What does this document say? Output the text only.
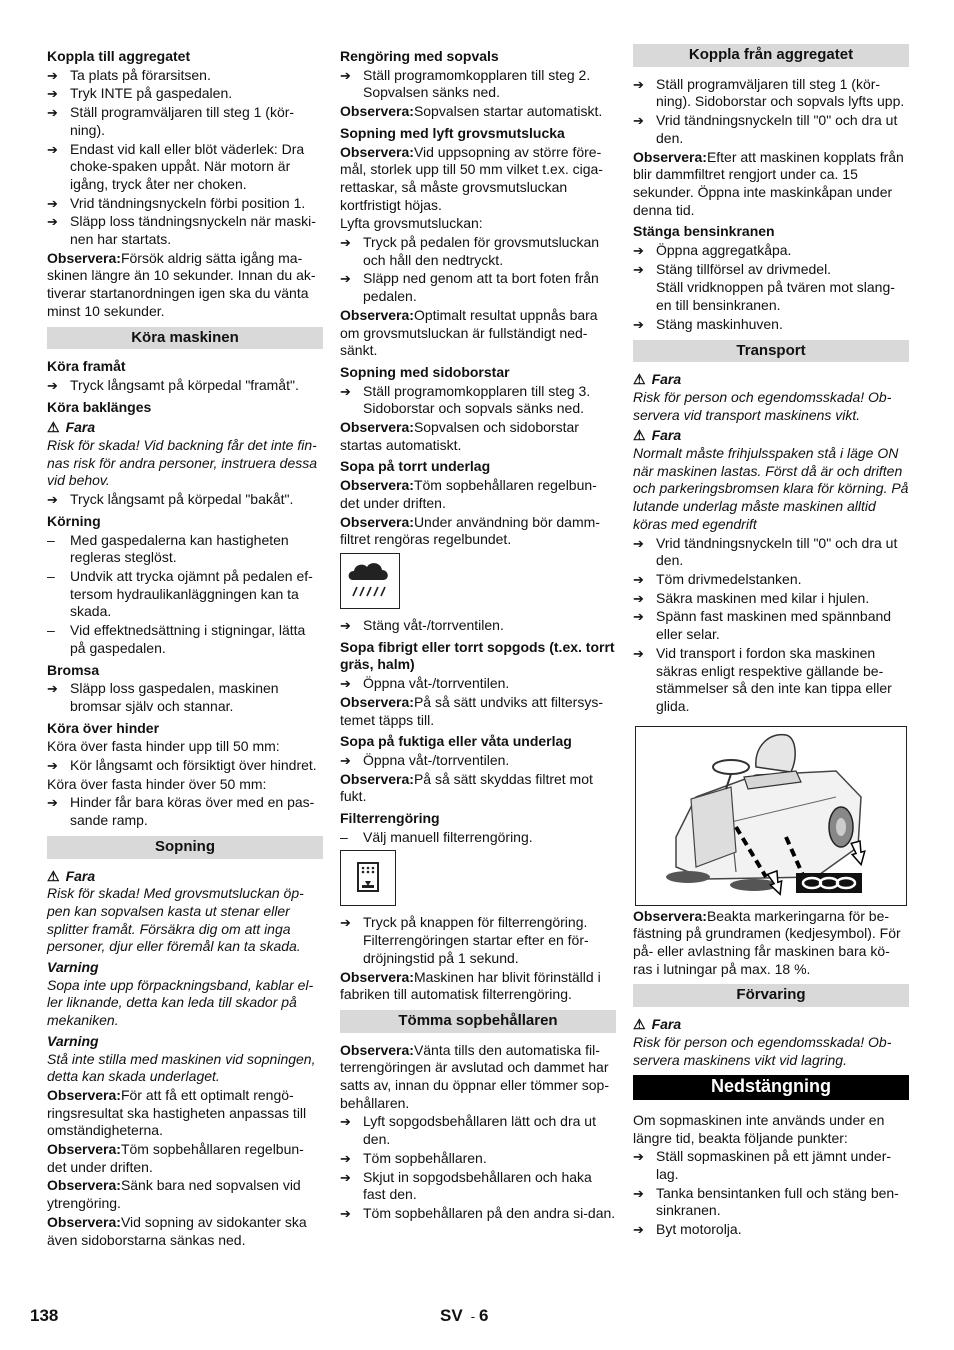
Koppla till aggregatet
➔ Ta plats på förarsitsen.
➔ Tryk INTE på gaspedalen.
➔ Ställ programväljaren till steg 1 (kör-ning).
➔ Endast vid kall eller blöt väderlek: Dra choke-spaken uppåt. När motorn är igång, tryck åter ner choken.
➔ Vrid tändningsnyckeln förbi position 1.
➔ Släpp loss tändningsnyckeln när maski-nen har startats.
Observera:Försök aldrig sätta igång ma-skinen längre än 10 sekunder. Innan du ak-tiverar startanordningen igen ska du vänta minst 10 sekunder.
Köra maskinen
Köra framåt
➔ Tryck långsamt på körpedal "framåt".
Köra baklänges
⚠ Fara
Risk för skada! Vid backning får det inte fin-nas risk för andra personer, instruera dessa vid behov.
➔ Tryck långsamt på körpedal "bakåt".
Körning
– Med gaspedalerna kan hastigheten regleras steglöst.
– Undvik att trycka ojämnt på pedalen ef-tersom hydraulikanläggningen kan ta skada.
– Vid effektnedsättning i stigningar, lätta på gaspedalen.
Bromsa
➔ Släpp loss gaspedalen, maskinen bromsar själv och stannar.
Köra över hinder
Köra över fasta hinder upp till 50 mm:
➔ Kör långsamt och försiktigt över hindret.
Köra över fasta hinder över 50 mm:
➔ Hinder får bara köras över med en pas-sande ramp.
Sopning
⚠ Fara
Risk för skada! Med grovsmutsluckan öp-pen kan sopvalsen kasta ut stenar eller splitter framåt. Försäkra dig om att inga personer, djur eller föremål kan ta skada.
Varning
Sopa inte upp förpackningsband, kablar el-ler liknande, detta kan leda till skador på mekaniken.
Varning
Stå inte stilla med maskinen vid sopningen, detta kan skada underlaget.
Observera:För att få ett optimalt rengö-ringsresultat ska hastigheten anpassas till omständigheterna.
Observera:Töm sopbehållaren regelbun-det under driften.
Observera:Sänk bara ned sopvalsen vid ytrengöring.
Observera:Vid sopning av sidokanter ska även sidoborstarna sänkas ned.
Rengöring med sopvals
➔ Ställ programomkopplaren till steg 2. Sopvalsen sänks ned.
Observera:Sopvalsen startar automatiskt.
Sopning med lyft grovsmutslucka
Observera:Vid uppsopning av större före-mål, storlek upp till 50 mm vilket t.ex. ciga-rettaskar, så måste grovsmutsluckan kortfristigt höjas.
Lyfta grovsmutsluckan:
➔ Tryck på pedalen för grovsmutsluckan och håll den nedtryckt.
➔ Släpp ned genom att ta bort foten från pedalen.
Observera:Optimalt resultat uppnås bara om grovsmutsluckan är fullständigt ned-sänkt.
Sopning med sidoborstar
➔ Ställ programomkopplaren till steg 3. Sidoborstar och sopvals sänks ned.
Observera:Sopvalsen och sidoborstar startas automatiskt.
Sopa på torrt underlag
Observera:Töm sopbehållaren regelbun-det under driften.
Observera:Under användning bör damm-filtret rengöras regelbundet.
➔ Stäng våt-/torrventilen.
Sopa fibrigt eller torrt sopgods (t.ex. torrt gräs, halm)
➔ Öppna våt-/torrventilen.
Observera:På så sätt undviks att filtersys-temet täpps till.
Sopa på fuktiga eller våta underlag
➔ Öppna våt-/torrventilen.
Observera:På så sätt skyddas filtret mot fukt.
Filterrengöring
– Välj manuell filterrengöring.
➔ Tryck på knappen för filterrengöring. Filterrengöringen startar efter en för-dröjningstid på 1 sekund.
Observera:Maskinen har blivit förinställd i fabriken till automatisk filterrengöring.
Tömma sopbehållaren
Observera:Vänta tills den automatiska fil-terrengöringen är avslutad och dammet har satts av, innan du öppnar eller tömmer sop-behållaren.
➔ Lyft sopgodsbehållaren lätt och dra ut den.
➔ Töm sopbehållaren.
➔ Skjut in sopgodsbehållaren och haka fast den.
➔ Töm sopbehållaren på den andra si-dan.
Koppla från aggregatet
➔ Ställ programväljaren till steg 1 (kör-ning). Sidoborstar och sopvals lyfts upp.
➔ Vrid tändningsnyckeln till "0" och dra ut den.
Observera:Efter att maskinen kopplats från blir dammfiltret rengjort under ca. 15 sekunder. Öppna inte maskinkåpan under denna tid.
Stänga bensinkranen
➔ Öppna aggregatkåpa.
➔ Stäng tillförsel av drivmedel.
Ställ vridknoppen på tvären mot slang-en till bensinkranen.
➔ Stäng maskinhuven.
Transport
⚠ Fara
Risk för person och egendomsskada! Ob-servera vid transport maskinens vikt.
⚠ Fara
Normalt måste frihjulsspaken stå i läge ON när maskinen lastas. Först då är och driften och parkeringsbromsen klara för körning. På lutande underlag måste maskinen alltid köras med egendrift
➔ Vrid tändningsnyckeln till "0" och dra ut den.
➔ Töm drivmedelstanken.
➔ Säkra maskinen med kilar i hjulen.
➔ Spänn fast maskinen med spännband eller selar.
➔ Vid transport i fordon ska maskinen säkras enligt respektive gällande be-stämmelser så den inte kan tippa eller glida.
Observera:Beakta markeringarna för be-fästning på grundramen (kedjesymbol). För på- eller avlastning får maskinen bara kö-ras i lutningar på max. 18 %.
Förvaring
⚠ Fara
Risk för person och egendomsskada! Ob-servera maskinens vikt vid lagring.
Nedstängning
Om sopmaskinen inte används under en längre tid, beakta följande punkter:
➔ Ställ sopmaskinen på ett jämnt under-lag.
➔ Tanka bensintanken full och stäng ben-sinkranen.
➔ Byt motorolja.
138	SV - 6
